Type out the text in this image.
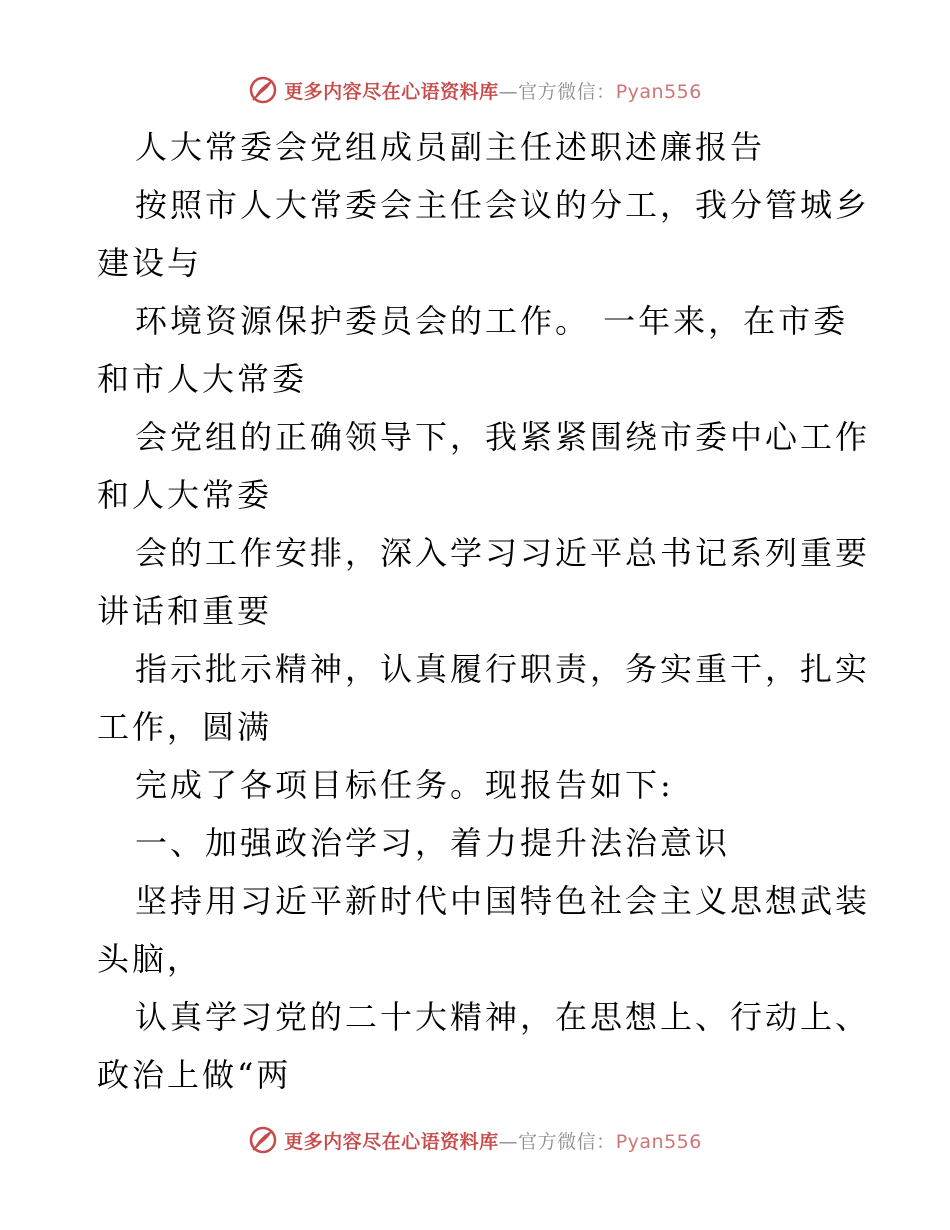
更多内容尽在心语资料库—官方微信：Pyan556
人大常委会党组成员副主任述职述廉报告
按照市人大常委会主任会议的分工，我分管城乡
建设与
环境资源保护委员会的工作。 一年来，在市委
和市人大常委
会党组的正确领导下，我紧紧围绕市委中心工作
和人大常委
会的工作安排，深入学习习近平总书记系列重要
讲话和重要
指示批示精神，认真履行职责，务实重干，扎实
工作，圆满
完成了各项目标任务。现报告如下:
一、加强政治学习，着力提升法治意识
坚持用习近平新时代中国特色社会主义思想武装
头脑，
认真学习党的二十大精神，在思想上、行动上、
政治上做“两
更多内容尽在心语资料库—官方微信：Pyan556
